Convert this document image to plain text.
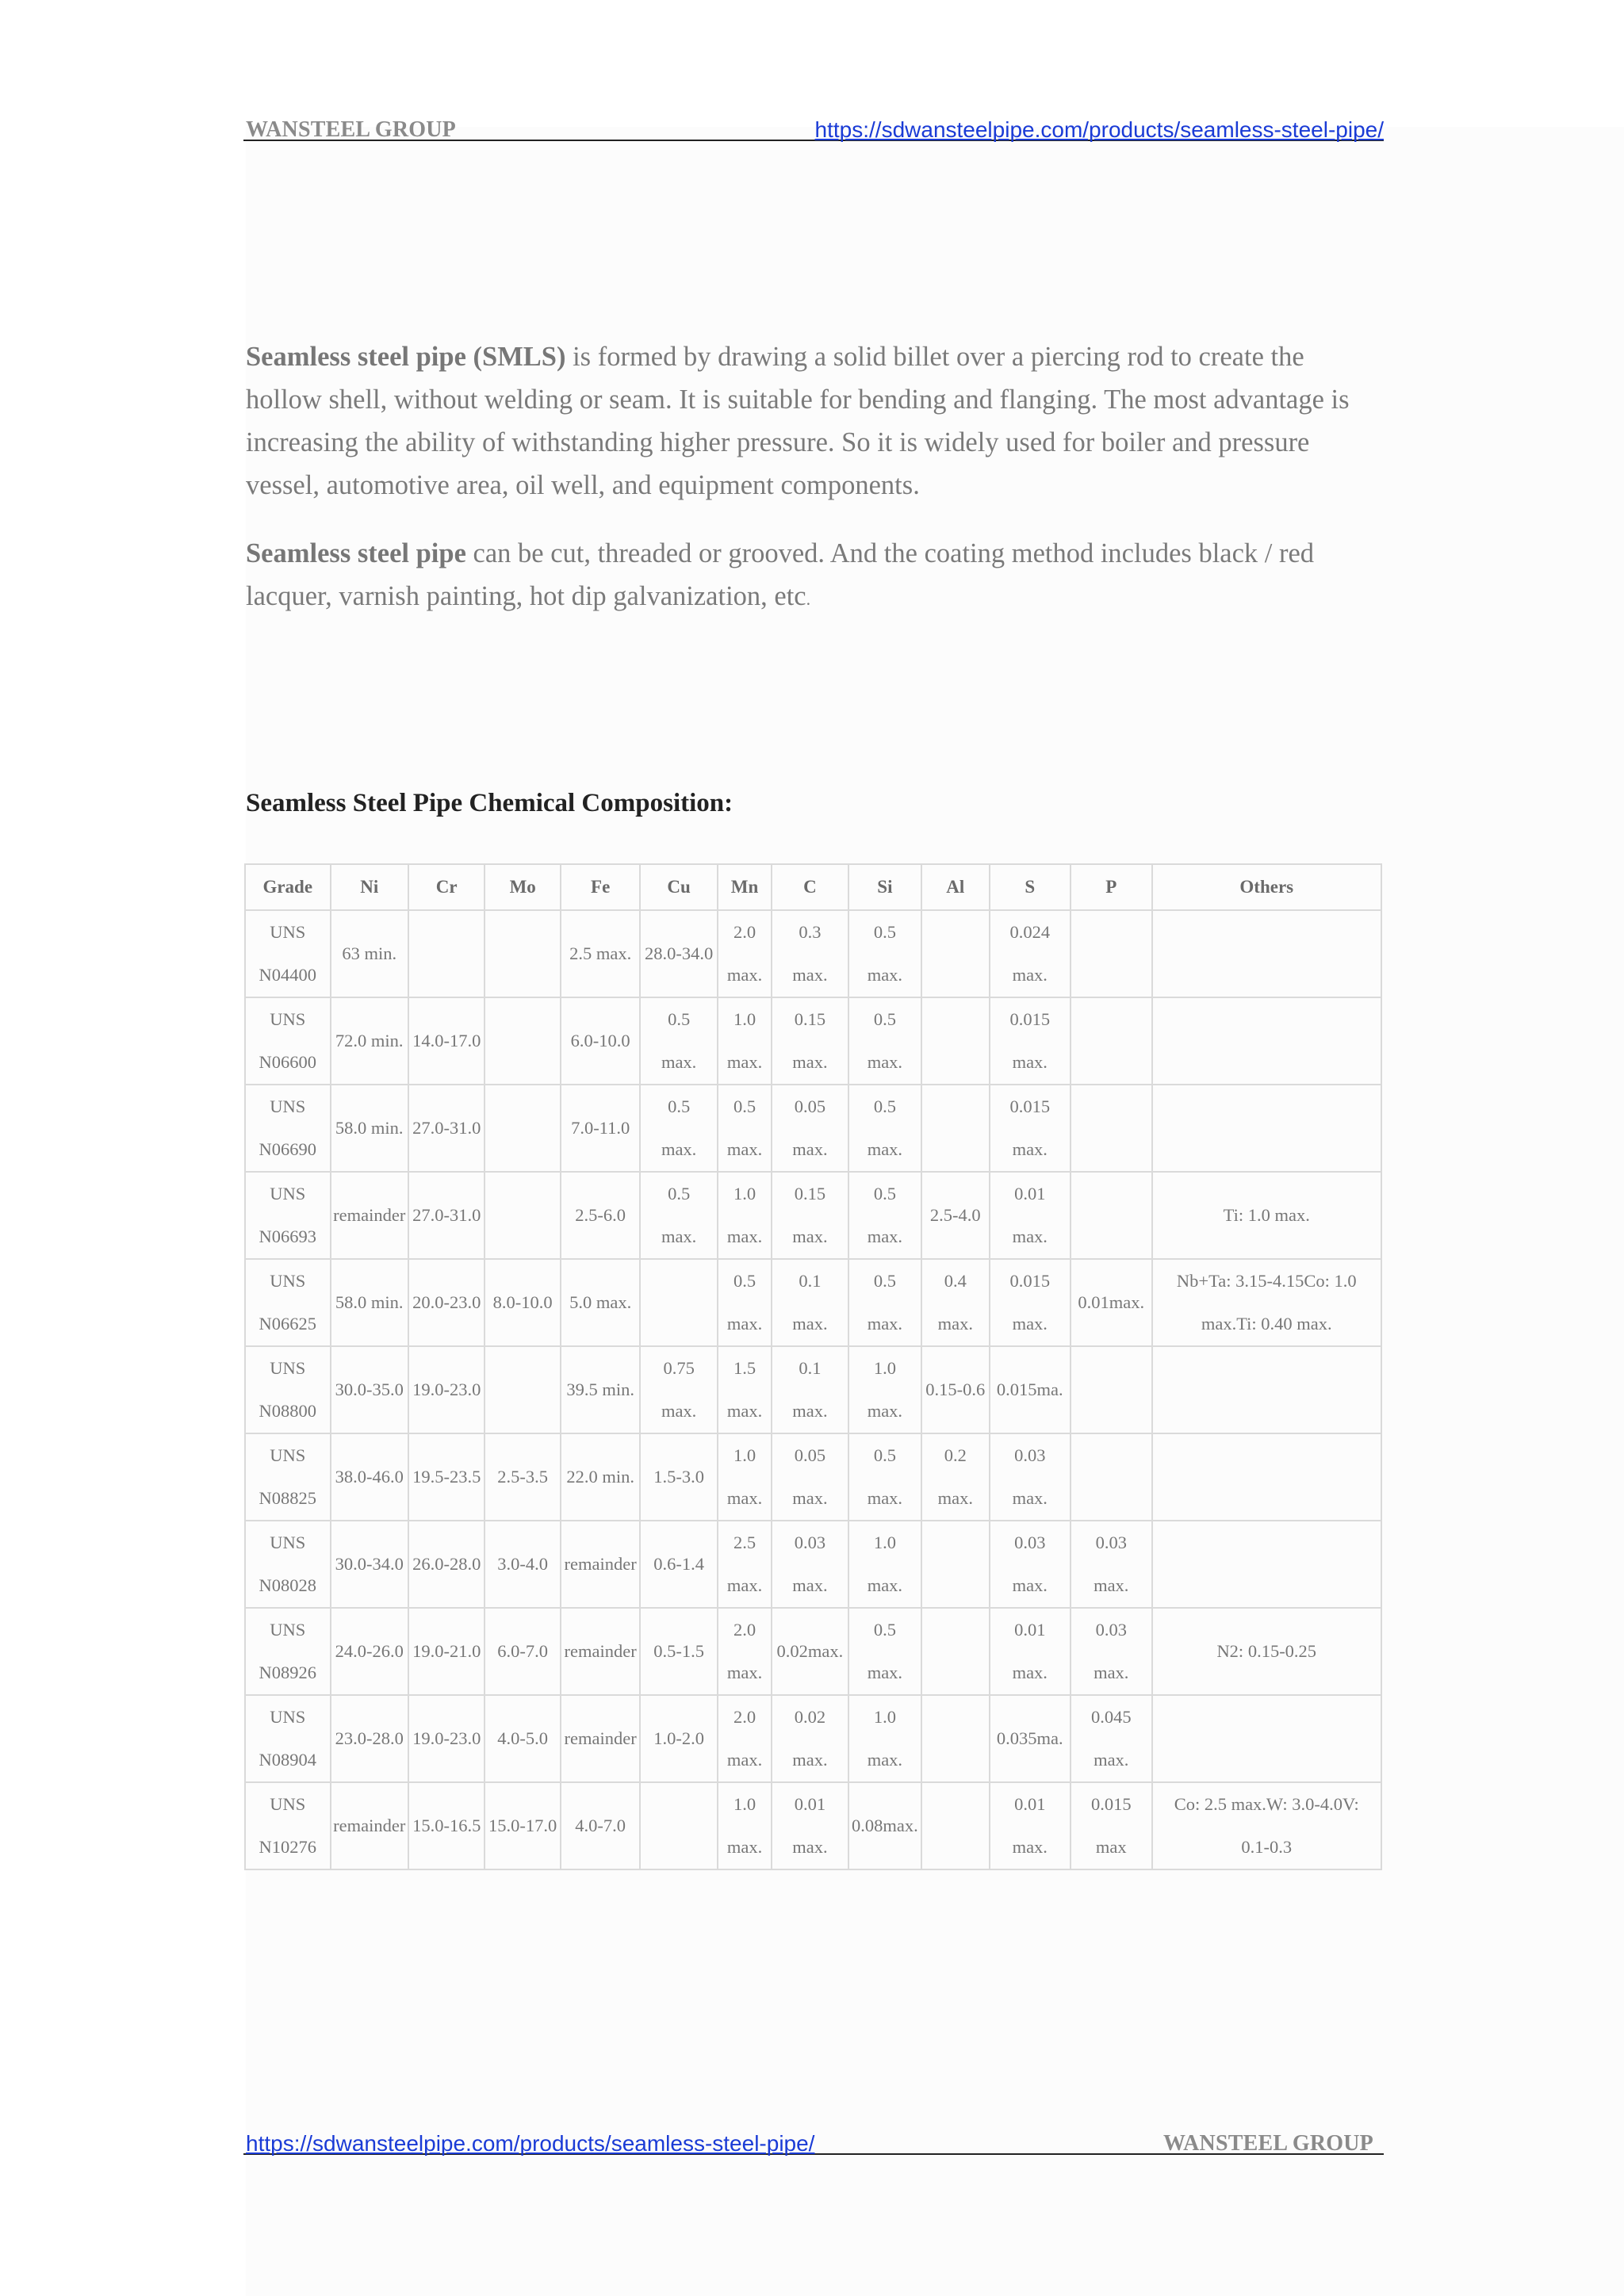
WANSTEEL GROUP	https://sdwansteelpipe.com/products/seamless-steel-pipe/

Seamless steel pipe (SMLS) is formed by drawing a solid billet over a piercing rod to create the hollow shell, without welding or seam. It is suitable for bending and flanging. The most advantage is increasing the ability of withstanding higher pressure. So it is widely used for boiler and pressure vessel, automotive area, oil well, and equipment components.

Seamless steel pipe can be cut, threaded or grooved. And the coating method includes black / red lacquer, varnish painting, hot dip galvanization, etc.

Seamless Steel Pipe Chemical Composition:
Grade	Ni	Cr	Mo	Fe	Cu	Mn	C	Si	Al	S	P	Others
UNS N04400	63 min.			2.5 max.	28.0-34.0	2.0 max.	0.3 max.	0.5 max.		0.024 max.		
UNS N06600	72.0 min.	14.0-17.0		6.0-10.0	0.5 max.	1.0 max.	0.15 max.	0.5 max.		0.015 max.		
UNS N06690	58.0 min.	27.0-31.0		7.0-11.0	0.5 max.	0.5 max.	0.05 max.	0.5 max.		0.015 max.		
UNS N06693	remainder	27.0-31.0		2.5-6.0	0.5 max.	1.0 max.	0.15 max.	0.5 max.	2.5-4.0	0.01 max.		Ti: 1.0 max.
UNS N06625	58.0 min.	20.0-23.0	8.0-10.0	5.0 max.		0.5 max.	0.1 max.	0.5 max.	0.4 max.	0.015 max.	0.01max.	Nb+Ta: 3.15-4.15Co: 1.0 max.Ti: 0.40 max.
UNS N08800	30.0-35.0	19.0-23.0		39.5 min.	0.75 max.	1.5 max.	0.1 max.	1.0 max.	0.15-0.6	0.015ma.		
UNS N08825	38.0-46.0	19.5-23.5	2.5-3.5	22.0 min.	1.5-3.0	1.0 max.	0.05 max.	0.5 max.	0.2 max.	0.03 max.		
UNS N08028	30.0-34.0	26.0-28.0	3.0-4.0	remainder	0.6-1.4	2.5 max.	0.03 max.	1.0 max.		0.03 max.	0.03 max.	
UNS N08926	24.0-26.0	19.0-21.0	6.0-7.0	remainder	0.5-1.5	2.0 max.	0.02max.	0.5 max.		0.01 max.	0.03 max.	N2: 0.15-0.25
UNS N08904	23.0-28.0	19.0-23.0	4.0-5.0	remainder	1.0-2.0	2.0 max.	0.02 max.	1.0 max.		0.035ma.	0.045 max.	
UNS N10276	remainder	15.0-16.5	15.0-17.0	4.0-7.0		1.0 max.	0.01 max.	0.08max.		0.01 max.	0.015 max	Co: 2.5 max.W: 3.0-4.0V: 0.1-0.3
https://sdwansteelpipe.com/products/seamless-steel-pipe/	WANSTEEL GROUP
